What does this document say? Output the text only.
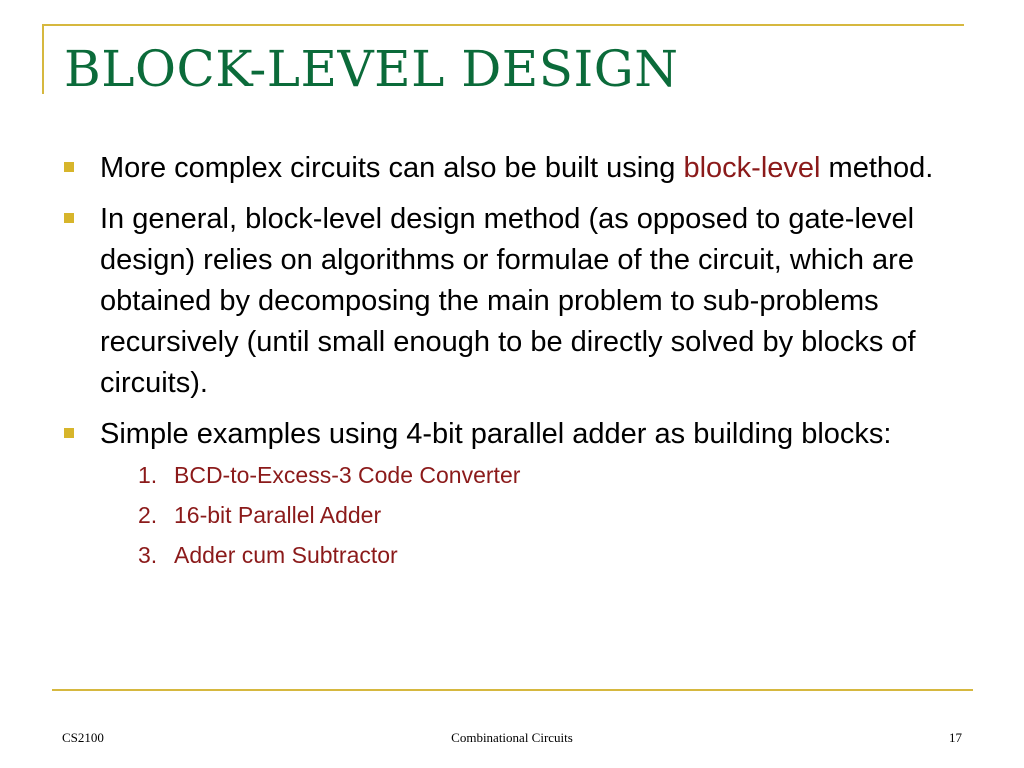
BLOCK-LEVEL DESIGN
More complex circuits can also be built using block-level method.
In general, block-level design method (as opposed to gate-level design) relies on algorithms or formulae of the circuit, which are obtained by decomposing the main problem to sub-problems recursively (until small enough to be directly solved by blocks of circuits).
Simple examples using 4-bit parallel adder as building blocks:
1. BCD-to-Excess-3 Code Converter
2. 16-bit Parallel Adder
3. Adder cum Subtractor
CS2100	Combinational Circuits	17
